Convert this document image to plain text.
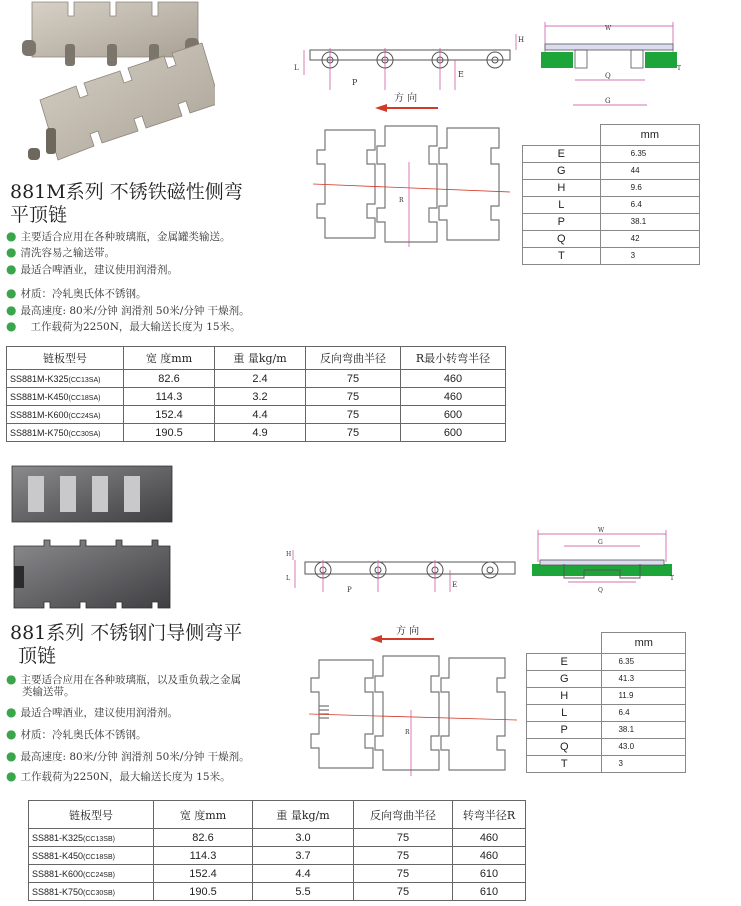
881M系列 不锈铁磁性侧弯
平顶链
● 主要适合应用在各种玻璃瓶，金属罐类输送。
● 清洗容易之输送带。
● 最适合啤酒业，建议使用润滑剂。
● 材质：冷轧奥氏体不锈钢。
● 最高速度: 80米/分钟 润滑剂 50米/分钟 干燥剂。
● 工作载荷为2250N，最大输送长度为 15米。
P
E
L
H
方 向
W
Q
G
T
R
	mm
E	6.35
G	44
H	9.6
L	6.4
P	38.1
Q	42
T	3
链板型号	宽 度mm	重 量kg/m	反向弯曲半径	R最小转弯半径
SS881M-K325(CC13SA)	82.6	2.4	75	460
SS881M-K450(CC18SA)	114.3	3.2	75	460
SS881M-K600(CC24SA)	152.4	4.4	75	600
SS881M-K750(CC30SA)	190.5	4.9	75	600
881系列 不锈钢门导侧弯平
顶链
● 主要适合应用在各种玻璃瓶，以及重负载之金属
类输送带。
● 最适合啤酒业，建议使用润滑剂。
● 材质：冷轧奥氏体不锈钢。
● 最高速度: 80米/分钟 润滑剂 50米/分钟 干燥剂。
● 工作载荷为2250N，最大输送长度为 15米。
P
E
L
H
方 向
W
G
Q
T
R
	mm
E	6.35
G	41.3
H	11.9
L	6.4
P	38.1
Q	43.0
T	3
链板型号	宽 度mm	重 量kg/m	反向弯曲半径	转弯半径R
SS881-K325(CC13SB)	82.6	3.0	75	460
SS881-K450(CC18SB)	114.3	3.7	75	460
SS881-K600(CC24SB)	152.4	4.4	75	610
SS881-K750(CC30SB)	190.5	5.5	75	610
